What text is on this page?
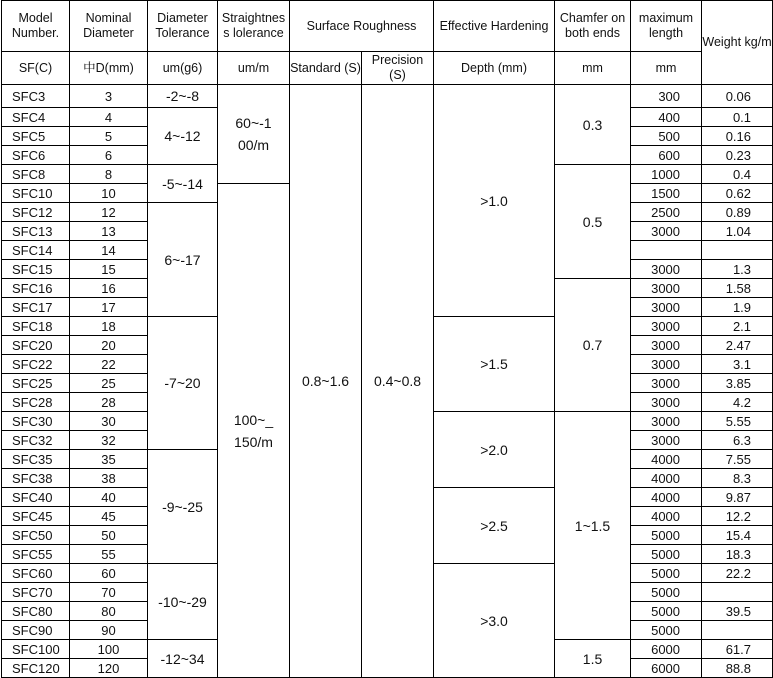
Model Number.	Nominal Diameter	Diameter Tolerance	Straightnes s lolerance	Surface Roughness		Effective Hardening	Chamfer on both ends	maximum length	Weight kg/m
SF(C)	中D(mm)	um(g6)	um/m	Standard (S)	Precision (S)	Depth (mm)	mm	mm	
SFC3	3	-2~-8	60~-100/m	0.8~1.6	0.4~0.8	>1.0	0.3	300	0.06
SFC4	4	4~-12						400	0.1
SFC5	5							500	0.16
SFC6	6							600	0.23
SFC8	8	-5~-14					0.5	1000	0.4
SFC10	10		100~_150/m					1500	0.62
SFC12	12	6~-17						2500	0.89
SFC13	13							3000	1.04
SFC14	14								
SFC15	15							3000	1.3
SFC16	16						0.7	3000	1.58
SFC17	17							3000	1.9
SFC18	18	-7~20				>1.5		3000	2.1
SFC20	20							3000	2.47
SFC22	22							3000	3.1
SFC25	25							3000	3.85
SFC28	28							3000	4.2
SFC30	30					>2.0	1~1.5	3000	5.55
SFC32	32							3000	6.3
SFC35	35	-9~-25						4000	7.55
SFC38	38							4000	8.3
SFC40	40					>2.5		4000	9.87
SFC45	45							4000	12.2
SFC50	50							5000	15.4
SFC55	55							5000	18.3
SFC60	60	-10~-29				>3.0		5000	22.2
SFC70	70							5000	
SFC80	80							5000	39.5
SFC90	90							5000	
SFC100	100	-12~34					1.5	6000	61.7
SFC120	120							6000	88.8
